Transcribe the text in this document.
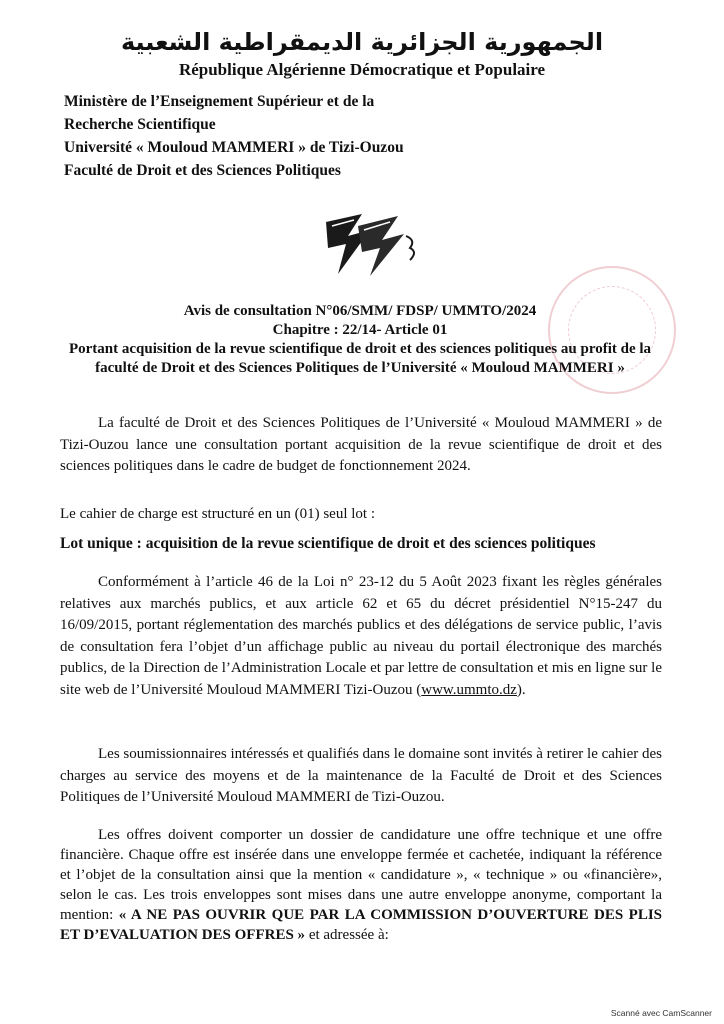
الجمهورية الجزائرية الديمقراطية الشعبية
République Algérienne Démocratique et Populaire
Ministère de l’Enseignement Supérieur et de la
Recherche Scientifique
Université « Mouloud MAMMERI » de Tizi-Ouzou
Faculté de Droit et des Sciences Politiques
Avis de consultation N°06/SMM/ FDSP/ UMMTO/2024
Chapitre : 22/14- Article 01
Portant acquisition de la revue scientifique de droit et des sciences politiques au profit de la faculté de Droit et des Sciences Politiques de l’Université « Mouloud MAMMERI »
La faculté de Droit et des Sciences Politiques de l’Université « Mouloud MAMMERI » de Tizi-Ouzou lance une consultation portant acquisition de la revue scientifique de droit et des sciences politiques dans le cadre de budget de fonctionnement 2024.
Le cahier de charge est structuré en un (01) seul lot :
Lot unique : acquisition de la revue scientifique de droit et des sciences politiques
Conformément à l’article 46 de la Loi n° 23-12 du 5 Août 2023 fixant les règles générales relatives aux marchés publics, et aux article 62 et 65 du décret présidentiel N°15-247 du 16/09/2015, portant réglementation des marchés publics et des délégations de service public, l’avis de consultation fera l’objet d’un affichage public au niveau du portail électronique des marchés publics, de la Direction de l’Administration Locale et par lettre de consultation et mis en ligne sur le site web de l’Université Mouloud MAMMERI Tizi-Ouzou (www.ummto.dz).
Les soumissionnaires intéressés et qualifiés dans le domaine sont invités à retirer le cahier des charges au service des moyens et de la maintenance de la Faculté de Droit et des Sciences Politiques de l’Université Mouloud MAMMERI de Tizi-Ouzou.
Les offres doivent comporter un dossier de candidature une offre technique et une offre financière. Chaque offre est insérée dans une enveloppe fermée et cachetée, indiquant la référence et l’objet de la consultation ainsi que la mention « candidature », « technique » ou «financière», selon le cas. Les trois enveloppes sont mises dans une autre enveloppe anonyme, comportant la mention: « A NE PAS OUVRIR QUE PAR LA COMMISSION D’OUVERTURE DES PLIS ET D’EVALUATION DES OFFRES » et adressée à:
Scanné avec CamScanner
